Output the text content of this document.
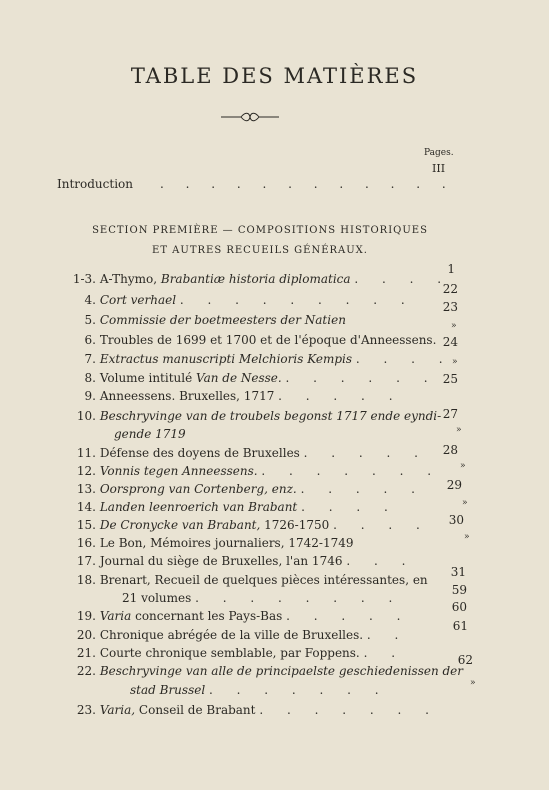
TABLE DES MATIÈRES
Pages.
III
Introduction . . . . . . . . . . . .
SECTION PREMIÈRE — COMPOSITIONS HISTORIQUES
ET AUTRES RECUEILS GÉNÉRAUX.
1-3. A-Thymo, Brabantiæ historia diplomatica . . . .
1
4. Cort verhael . . . . . . . . .
22
5. Commissie der boetmeesters der Natien
23
6. Troubles de 1699 et 1700 et de l'époque d'Anneessens.
»
7. Extractus manuscripti Melchioris Kempis . . . .
24
8. Volume intitulé Van de Nesse. . . . . . .
»
9. Anneessens. Bruxelles, 1717 . . . . .
25
10. Beschryvinge van de troubels begonst 1717 ende eyndi-
gende 1719
27
11. Défense des doyens de Bruxelles . . . . .
»
12. Vonnis tegen Anneessens. . . . . . . .
28
13. Oorsprong van Cortenberg, enz. . . . . .
»
14. Landen leenroerich van Brabant . . . .
29
15. De Cronycke van Brabant, 1726-1750 . . . .
»
16. Le Bon, Mémoires journaliers, 1742-1749
30
17. Journal du siège de Bruxelles, l'an 1746 . . .
»
18. Brenart, Recueil de quelques pièces intéressantes, en
21 volumes . . . . . . . .
31
19. Varia concernant les Pays-Bas . . . . .
59
20. Chronique abrégée de la ville de Bruxelles. . .
60
21. Courte chronique semblable, par Foppens. . .
61
22. Beschryvinge van alle de principaelste geschiedenissen der
stad Brussel . . . . . . .
62
23. Varia, Conseil de Brabant . . . . . . .
»
